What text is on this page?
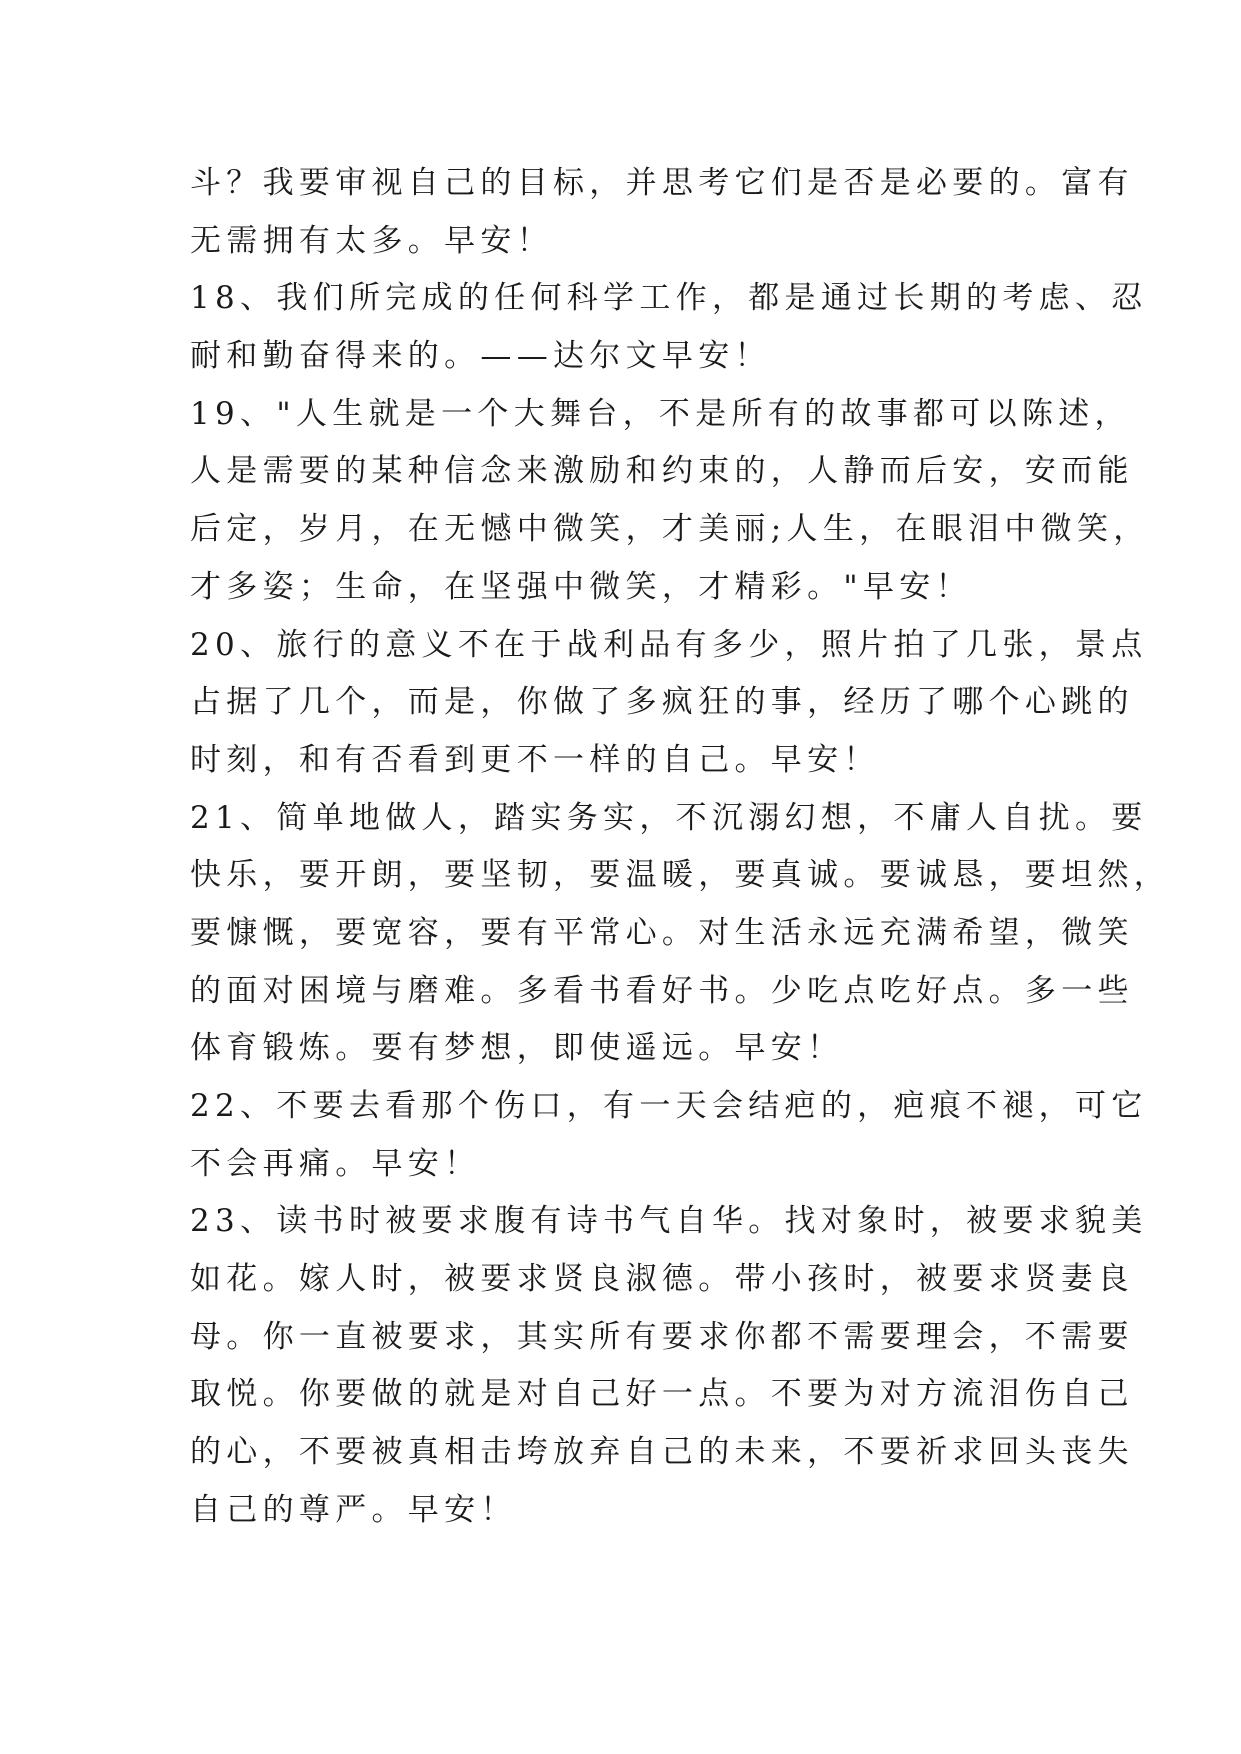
斗？我要审视自己的目标，并思考它们是否是必要的。富有
无需拥有太多。早安！
18、我们所完成的任何科学工作，都是通过长期的考虑、忍
耐和勤奋得来的。——达尔文早安！
19、"人生就是一个大舞台，不是所有的故事都可以陈述，
人是需要的某种信念来激励和约束的，人静而后安，安而能
后定，岁月，在无憾中微笑，才美丽;人生，在眼泪中微笑，
才多姿；生命，在坚强中微笑，才精彩。"早安！
20、旅行的意义不在于战利品有多少，照片拍了几张，景点
占据了几个，而是，你做了多疯狂的事，经历了哪个心跳的
时刻，和有否看到更不一样的自己。早安！
21、简单地做人，踏实务实，不沉溺幻想，不庸人自扰。要
快乐，要开朗，要坚韧，要温暖，要真诚。要诚恳，要坦然，
要慷慨，要宽容，要有平常心。对生活永远充满希望，微笑
的面对困境与磨难。多看书看好书。少吃点吃好点。多一些
体育锻炼。要有梦想，即使遥远。早安！
22、不要去看那个伤口，有一天会结疤的，疤痕不褪，可它
不会再痛。早安！
23、读书时被要求腹有诗书气自华。找对象时，被要求貌美
如花。嫁人时，被要求贤良淑德。带小孩时，被要求贤妻良
母。你一直被要求，其实所有要求你都不需要理会，不需要
取悦。你要做的就是对自己好一点。不要为对方流泪伤自己
的心，不要被真相击垮放弃自己的未来，不要祈求回头丧失
自己的尊严。早安！
